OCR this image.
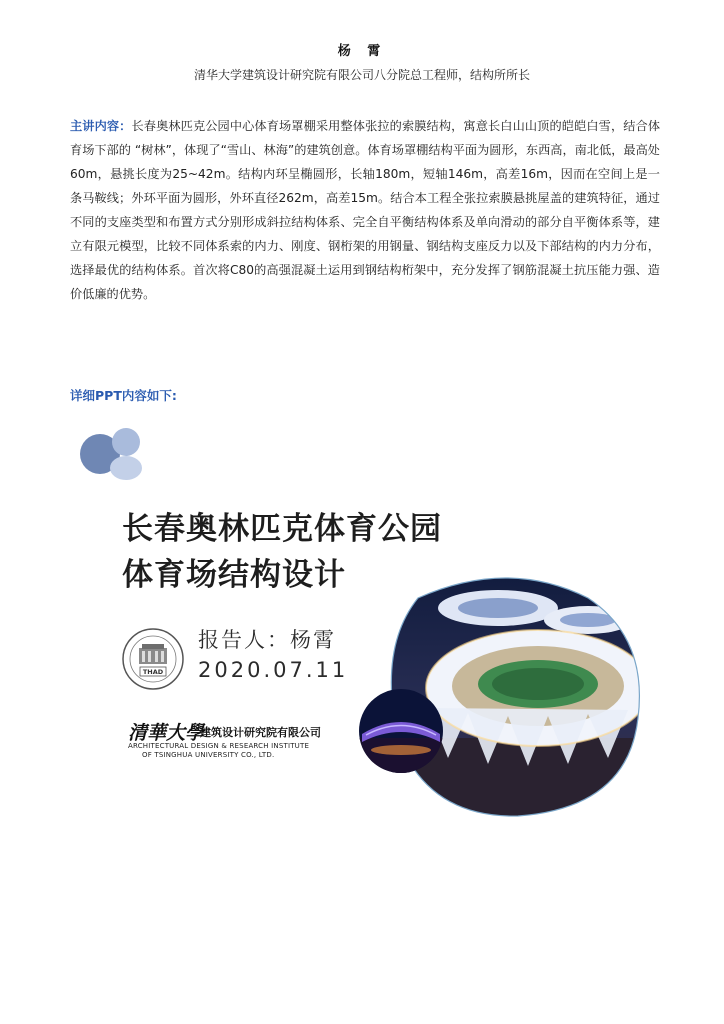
杨 霄
清华大学建筑设计研究院有限公司八分院总工程师，结构所所长
主讲内容：长春奥林匹克公园中心体育场罩棚采用整体张拉的索膜结构，寓意长白山山顶的皑皑白雪，结合体育场下部的 “树林”，体现了“雪山、林海”的建筑创意。体育场罩棚结构平面为圆形，东西高，南北低，最高处60m，悬挑长度为25~42m。结构内环呈椭圆形，长轴180m，短轴146m，高差16m，因而在空间上是一条马鞍线；外环平面为圆形，外环直径262m，高差15m。结合本工程全张拉索膜悬挑屋盖的建筑特征，通过不同的支座类型和布置方式分别形成斜拉结构体系、完全自平衡结构体系及单向滑动的部分自平衡体系等，建立有限元模型，比较不同体系索的内力、刚度、钢桁架的用钢量、钢结构支座反力以及下部结构的内力分布，选择最优的结构体系。首次将C80的高强混凝土运用到钢结构桁架中，充分发挥了钢筋混凝土抗压能力强、造价低廉的优势。
详细PPT内容如下:
长春奥林匹克体育公园
体育场结构设计
THAD
报告人：杨霄
2020.07.11
清華大學
建筑设计研究院有限公司
ARCHITECTURAL DESIGN & RESEARCH INSTITUTE
OF TSINGHUA UNIVERSITY CO., LTD.
